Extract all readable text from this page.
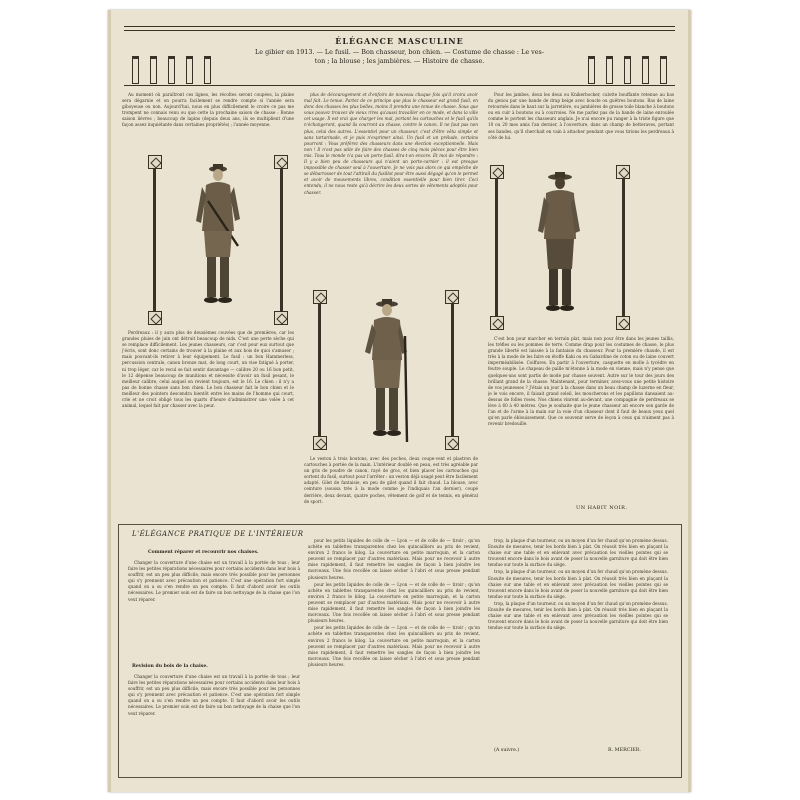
ÉLÉGANCE MASCULINE
Le gibier en 1913. — Le fusil. — Bon chasseur, bon chien. — Costume de chasse : Le ves-
ton ; la blouse ; les jambières. — Histoire de chasse.

Au moment où paraîtront ces lignes, les récoltes seront coupées, la plaine sera dégarnie et on pourra facilement se rendre compte si l'année sera giboyeuse ou non. Aujourd'hui, nous en plus difficilement le croire ce pas me trompent ne connais venu ou que cette la prochaine saison de chasse : Bonne saison lièvres ; beaucoup de lapins (depuis deux ans, ils se multiplient d'une façon assez inquiétante dans certaines propriétés) ; l'année moyenne.

Perdreaux : il y aura plus de deuxièmes couvées que de premières, car les grandes pluies de juin ont détruit beaucoup de nids. C'est une perte sèche qui se remplace difficilement. Les jeunes chasseurs, car c'est pour eux surtout que j'écris, sont donc certains de trouver à la plaine et aux bois de quoi s'amuser ; mais pouvant-ils retirer à leur équipement. Le fusil : un bon Hammerless, percussion centrale, canon bronze mat, de long court, un vise fatigué à porter, ni trop léger, car le recul se fait sentir davantage — calibre 20 ou 16 bon petit, le 12 dépense beaucoup de munitions et nécessite d'avoir un fusil pesant, le meilleur calibre, celui auquel on revient toujours, est le 16. Le chien : il n'y a pas de bonne chasse sans bon chien. Le bon chasseur fait le bon chien et le meilleur des pointers descendra bientôt entre les mains de l'homme qui court, crie et ne croit obligé tous les quarts d'heure d'administrer une volée à cet animal, lequel fait par chasser avec la peur.

plus de découragement et d'enfoirs de nouveau chaque fois qu'il croira avoir mal fait. Le tenue. Partez de ce principe que plus le chasseur est grand fusil, en donc des chasses les plus belles, moins il prendra une tenue de chasse. Sous que vous pouvez trouvez de vieux rires qu'aussi travailler en ce mode, et dans la ville cet usage. Il est vrai que charger les mal, portant les cartouches et le fusil qu'ils n'échangeront, quand ils courront au chasse, contre le canon. Il ne faut pas non plus, celui des autres. L'essentiel pour un chasseur, c'est d'être vêtu simple et sans tartarinade, et je puis n'exprimer ainsi. Un fusil et un prélude, certains pourront : Vous préférez des chasseurs dans une élection exceptionnelle. Mais non ! Il n'est pas utile de faire des chasses de cinq mois pièces pour être bien mis. Tous le monde n'a pas un porte-fusil, dira-t-on encore. Et moi de répondre : Il y a bien peu de chasseurs qui n'aient un porte-carnier : il est presque impossible de chasser seul à l'ouverture. Je ne vois pas alors ce qui empêche de se débarrasser de tout l'attirail du fusillot pour être aussi dégagé qu'on le permet et avoir de mouvements libres, condition essentielle pour bien tirer. Ceci entendu, il ne nous reste qu'à décrire les deux sortes de vêtements adoptés pour chasser.

Le veston à trois boutons, avec des poches, deux coupe-vent et plastron de cartouches à portée de la main. L'intérieur doublé en peau, est très agréable par un gris de poudre de canon, rayé de gros, et bien placer les cartouches qui sortent du fusil, surtout pour l'arrêter : un veston déjà usagé peut être facilement adapté. Gilet de fantaisie, en peu de gilet quand il fait chaud. La blouse, avec ceinture (soussa très à la mode comme je l'indiquais l'an dernier), coupé derrière, deux devant, quatre poches, vêtement de golf et de tennis, en général de sport.

Pour les jambes, deux les deux ou Knikerbocker, culotte bouffante retenue au bas du genou par une bande de drap beige avec boucle ou guêtres boutons. Bas de laine retournés dans le haut sur la jarretière, ou jambières de grosse toile blanche à boutons ou en cuir à boutons ou à courroies. Ne me parlez pas de la bande de laine enroulée comme le portent les chasseurs anglais. Je n'ai encore pu ranger à la triste figure que 10 ou 20 mes amis l'an dernier, à l'ouverture, dans un champ de betteraves, portant ses bandes, qu'il cherchait en vain à attacher pendant que vous tirions les perdreaux à côté de lui.

C'est bon pour marcher en terrain plat, mais non pour être dans les jeunes taillis, les trèfles ou les pommes de terre. Comme drap pour les costumes de chasse, le plus grande liberté est laissée à la fantaisie du chasseur. Pour la première chaude, il est très à la mode de les faire en étoffe Kaki ou en Gabardine de coton ou de laine couvert imperméabilisée. Coiffures. En partir à l'ouverture, casquette en molle à tycèdre en feutre souple. Le chapeau de paille m'étonne à la mode en vienne, mais n'y pense que quelques-uns sont partis de mode par chasse souvent. Autre sur le tour des jours des brillant grand de la chasse. Maintenant, pour terminer, avez-vous une petite histoire de vos jeunesses ? J'étais un jour à la chasse dans un beau champ de luzerne en fleur, je le vois encore, il faisait grand soleil, les moucherons et les papillons dansaient au-dessus de folles roses. Nos chiens vinrent au-devant, une compagnie de perdreaux se lève à 60 à 40 mètres. Que je souhaite que le jeune chasseur ait encore son garde de l'an et de l'arme à la main sur la voie d'un chasseur dont il faut de beaux yeux quel qu'en parle éblouissement. Que ce souvenir serve de leçon à ceux qui n'aiment pas à revenir bredouille.

UN HABIT NOIR.
L'ÉLÉGANCE PRATIQUE DE L'INTÉRIEUR
Comment réparer et recouvrir nos chaises.

Changer la couverture d'une chaise est un travail à la portée de tous ; leur faire les petites réparations nécessaires pour certains accidents dans leur bois à souffrir, est un peu plus difficile, mais encore très possible pour les personnes qui s'y prennent avec précaution et patience. C'est une opération fort simple quand on a su s'en rendre un peu compte. Il faut d'abord avoir les outils nécessaires. Le premier soin est de faire un bon nettoyage de la chaise que l'on veut réparer.

Revision du bois de la chaise.

Changer la couverture d'une chaise est un travail à la portée de tous ; leur faire les petites réparations nécessaires pour certains accidents dans leur bois à souffrir, est un peu plus difficile, mais encore très possible pour les personnes qui s'y prennent avec précaution et patience. C'est une opération fort simple quand on a su s'en rendre un peu compte. Il faut d'abord avoir les outils nécessaires. Le premier soin est de faire un bon nettoyage de la chaise que l'on veut réparer.

pour les petits liquides de colle de — Lyon — et de colle de — tiroir ; qu'on achète en tablettes transparentes chez les quincailliers au prix de revient, environ 2 francs le kilog. La couverture en petite marroquin, et la carton peuvent se remplacer par d'autres matériaux. Mais pour ne recevoir à autre mise rapidement, il faut remettre les sangles de façon à bien joindre les morceaux. Une fois recollée on laisse sécher à l'abri et sous presse pendant plusieurs heures.

pour les petits liquides de colle de — Lyon — et de colle de — tiroir ; qu'on achète en tablettes transparentes chez les quincailliers au prix de revient, environ 2 francs le kilog. La couverture en petite marroquin, et la carton peuvent se remplacer par d'autres matériaux. Mais pour ne recevoir à autre mise rapidement, il faut remettre les sangles de façon à bien joindre les morceaux. Une fois recollée on laisse sécher à l'abri et sous presse pendant plusieurs heures.

pour les petits liquides de colle de — Lyon — et de colle de — tiroir ; qu'on achète en tablettes transparentes chez les quincailliers au prix de revient, environ 2 francs le kilog. La couverture en petite marroquin, et la carton peuvent se remplacer par d'autres matériaux. Mais pour ne recevoir à autre mise rapidement, il faut remettre les sangles de façon à bien joindre les morceaux. Une fois recollée on laisse sécher à l'abri et sous presse pendant plusieurs heures.

trop, la plaque d'un tourneur, ou un moyen d'un fer chaud qu'on promène dessus. Ensuite de mesures, tenir les bords bien à plat. On réussit très bien en plaçant la chaise sur une table et en enlevant avec précaution les vieilles pointes qui se trouvent encore dans le bois avant de poser la nouvelle garniture qui doit être bien tendue sur toute la surface du siège.

trop, la plaque d'un tourneur, ou un moyen d'un fer chaud qu'on promène dessus. Ensuite de mesures, tenir les bords bien à plat. On réussit très bien en plaçant la chaise sur une table et en enlevant avec précaution les vieilles pointes qui se trouvent encore dans le bois avant de poser la nouvelle garniture qui doit être bien tendue sur toute la surface du siège.

trop, la plaque d'un tourneur, ou un moyen d'un fer chaud qu'on promène dessus. Ensuite de mesures, tenir les bords bien à plat. On réussit très bien en plaçant la chaise sur une table et en enlevant avec précaution les vieilles pointes qui se trouvent encore dans le bois avant de poser la nouvelle garniture qui doit être bien tendue sur toute la surface du siège.

(A suivre.)	R. MERCIER.
